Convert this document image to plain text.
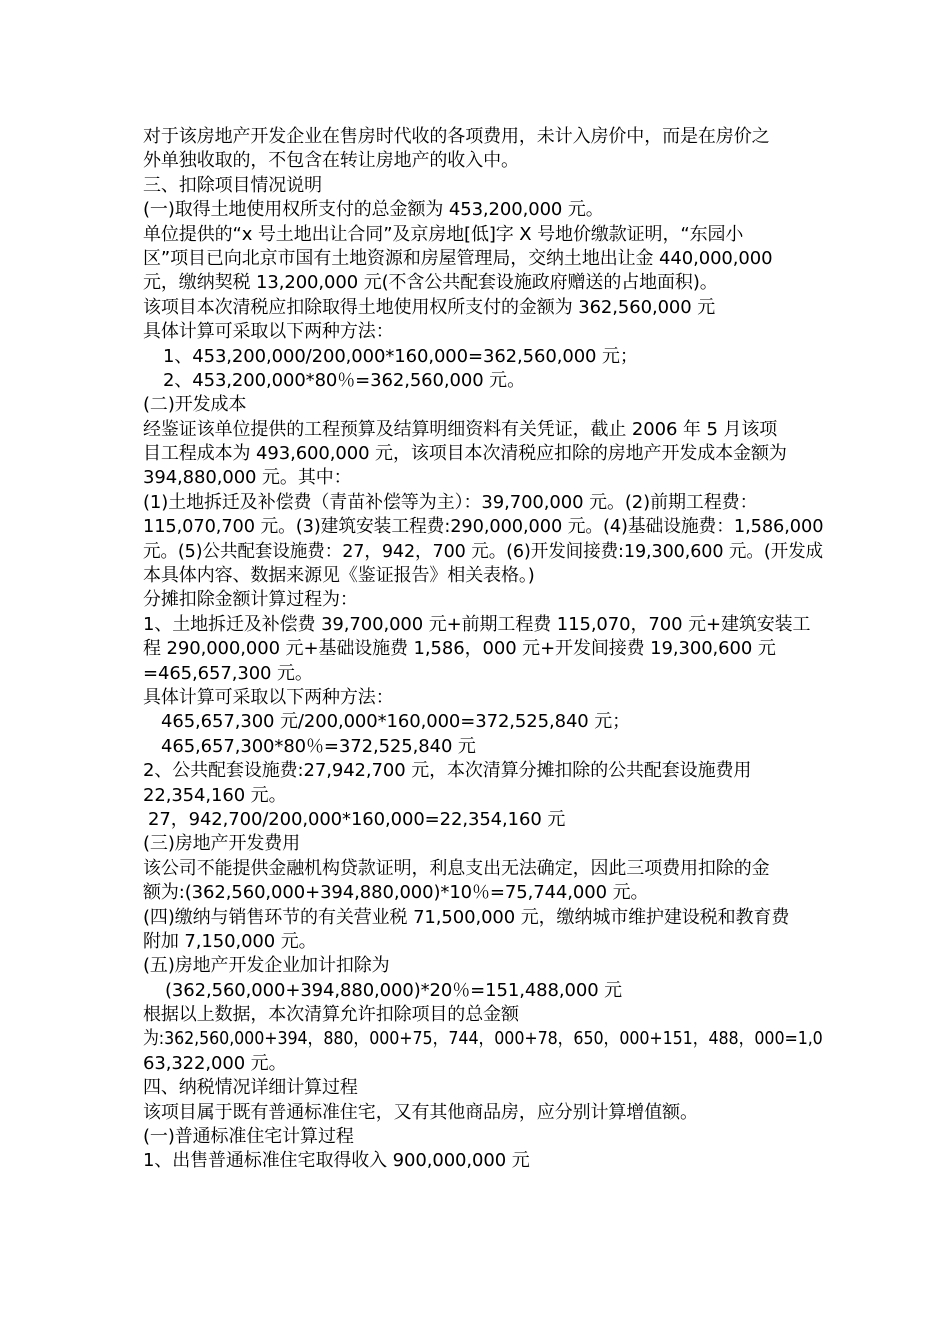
对于该房地产开发企业在售房时代收的各项费用，未计入房价中，而是在房价之
外单独收取的，不包含在转让房地产的收入中。
三、扣除项目情况说明
(一)取得土地使用权所支付的总金额为 453,200,000 元。
单位提供的“x 号土地出让合同”及京房地[低]字 X 号地价缴款证明，“东园小
区”项目已向北京市国有土地资源和房屋管理局，交纳土地出让金 440,000,000
元，缴纳契税 13,200,000 元(不含公共配套设施政府赠送的占地面积)。
该项目本次清税应扣除取得土地使用权所支付的金额为 362,560,000 元
具体计算可采取以下两种方法：
1、453,200,000/200,000*160,000=362,560,000 元；
2、453,200,000*80％=362,560,000 元。
(二)开发成本
经鉴证该单位提供的工程预算及结算明细资料有关凭证，截止 2006 年 5 月该项
目工程成本为 493,600,000 元，该项目本次清税应扣除的房地产开发成本金额为
394,880,000 元。其中：
(1)土地拆迁及补偿费（青苗补偿等为主）：39,700,000 元。(2)前期工程费：
115,070,700 元。(3)建筑安装工程费:290,000,000 元。(4)基础设施费：1,586,000
元。(5)公共配套设施费：27，942，700 元。(6)开发间接费:19,300,600 元。(开发成
本具体内容、数据来源见《鉴证报告》相关表格。)
分摊扣除金额计算过程为：
1、土地拆迁及补偿费 39,700,000 元+前期工程费 115,070，700 元+建筑安装工
程 290,000,000 元+基础设施费 1,586，000 元+开发间接费 19,300,600 元
=465,657,300 元。
具体计算可采取以下两种方法：
465,657,300 元/200,000*160,000=372,525,840 元；
465,657,300*80％=372,525,840 元
2、公共配套设施费:27,942,700 元，本次清算分摊扣除的公共配套设施费用
22,354,160 元。
27，942,700/200,000*160,000=22,354,160 元
(三)房地产开发费用
该公司不能提供金融机构贷款证明，利息支出无法确定，因此三项费用扣除的金
额为:(362,560,000+394,880,000)*10％=75,744,000 元。
(四)缴纳与销售环节的有关营业税 71,500,000 元，缴纳城市维护建设税和教育费
附加 7,150,000 元。
(五)房地产开发企业加计扣除为
(362,560,000+394,880,000)*20％=151,488,000 元
根据以上数据，本次清算允许扣除项目的总金额
为:362,560,000+394，880，000+75，744，000+78，650，000+151，488，000=1,0
63,322,000 元。
四、纳税情况详细计算过程
该项目属于既有普通标准住宅，又有其他商品房，应分别计算增值额。
(一)普通标准住宅计算过程
1、出售普通标准住宅取得收入 900,000,000 元
